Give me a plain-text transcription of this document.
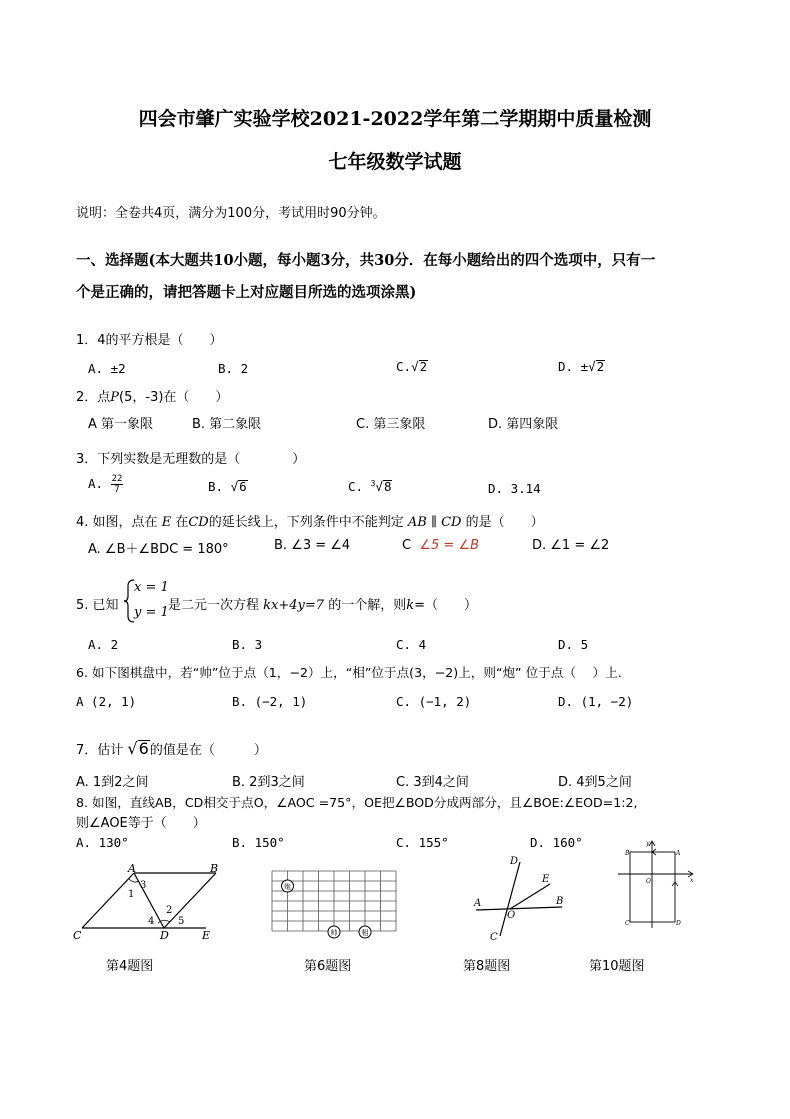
四会市肇广实验学校2021-2022学年第二学期期中质量检测
七年级数学试题
说明：全卷共4页，满分为100分，考试用时90分钟。
一、选择题(本大题共10小题，每小题3分，共30分．在每小题给出的四个选项中，只有一
个是正确的，请把答题卡上对应题目所选的选项涂黑)
1．4的平方根是（　　）
A. ±2	B. 2	C.√2	D. ±√2
2．点P(5，-3)在（　　）
A 第一象限	B. 第二象限	C. 第三象限	D. 第四象限
3．下列实数是无理数的是（　　　　）
A. $\frac{22}{7}$	B. √6	C. $^3$√8	D. 3.14
4. 如图，点在 E 在CD的延长线上，下列条件中不能判定 AB ∥ CD 的是（　　）
A. ∠B＋∠BDC = 180°	B. ∠3 = ∠4	C ∠5 = ∠B	D. ∠1 = ∠2
5. 已知
x = 1
y = 1 是二元一次方程 kx+4y=7 的一个解，则k=（　　）
A. 2	B. 3	C. 4	D. 5
6. 如下图棋盘中，若“帅”位于点（1，−2）上，“相”位于点(3，−2)上，则“炮” 位于点（　 ）上.
A (2, 1)	B. (−2, 1)	C. (−1, 2)	D. (1, −2)
7．估计 √6的值是在（　　　）
A. 1到2之间	B. 2到3之间	C. 3到4之间	D. 4到5之间
8. 如图，直线AB，CD相交于点O，∠AOC =75°，OE把∠BOD分成两部分，且∠BOE:∠EOD=1:2,
则∠AOE等于（　　）
A. 130°	B. 150°	C. 155°	D. 160°
A	B
C	D	E
1
2
3
4 5
第4题图
炮
帅	相
第6题图
D
E
A
O
B
C
第8题图
B	A
C	D
O	x
y
第10题图
